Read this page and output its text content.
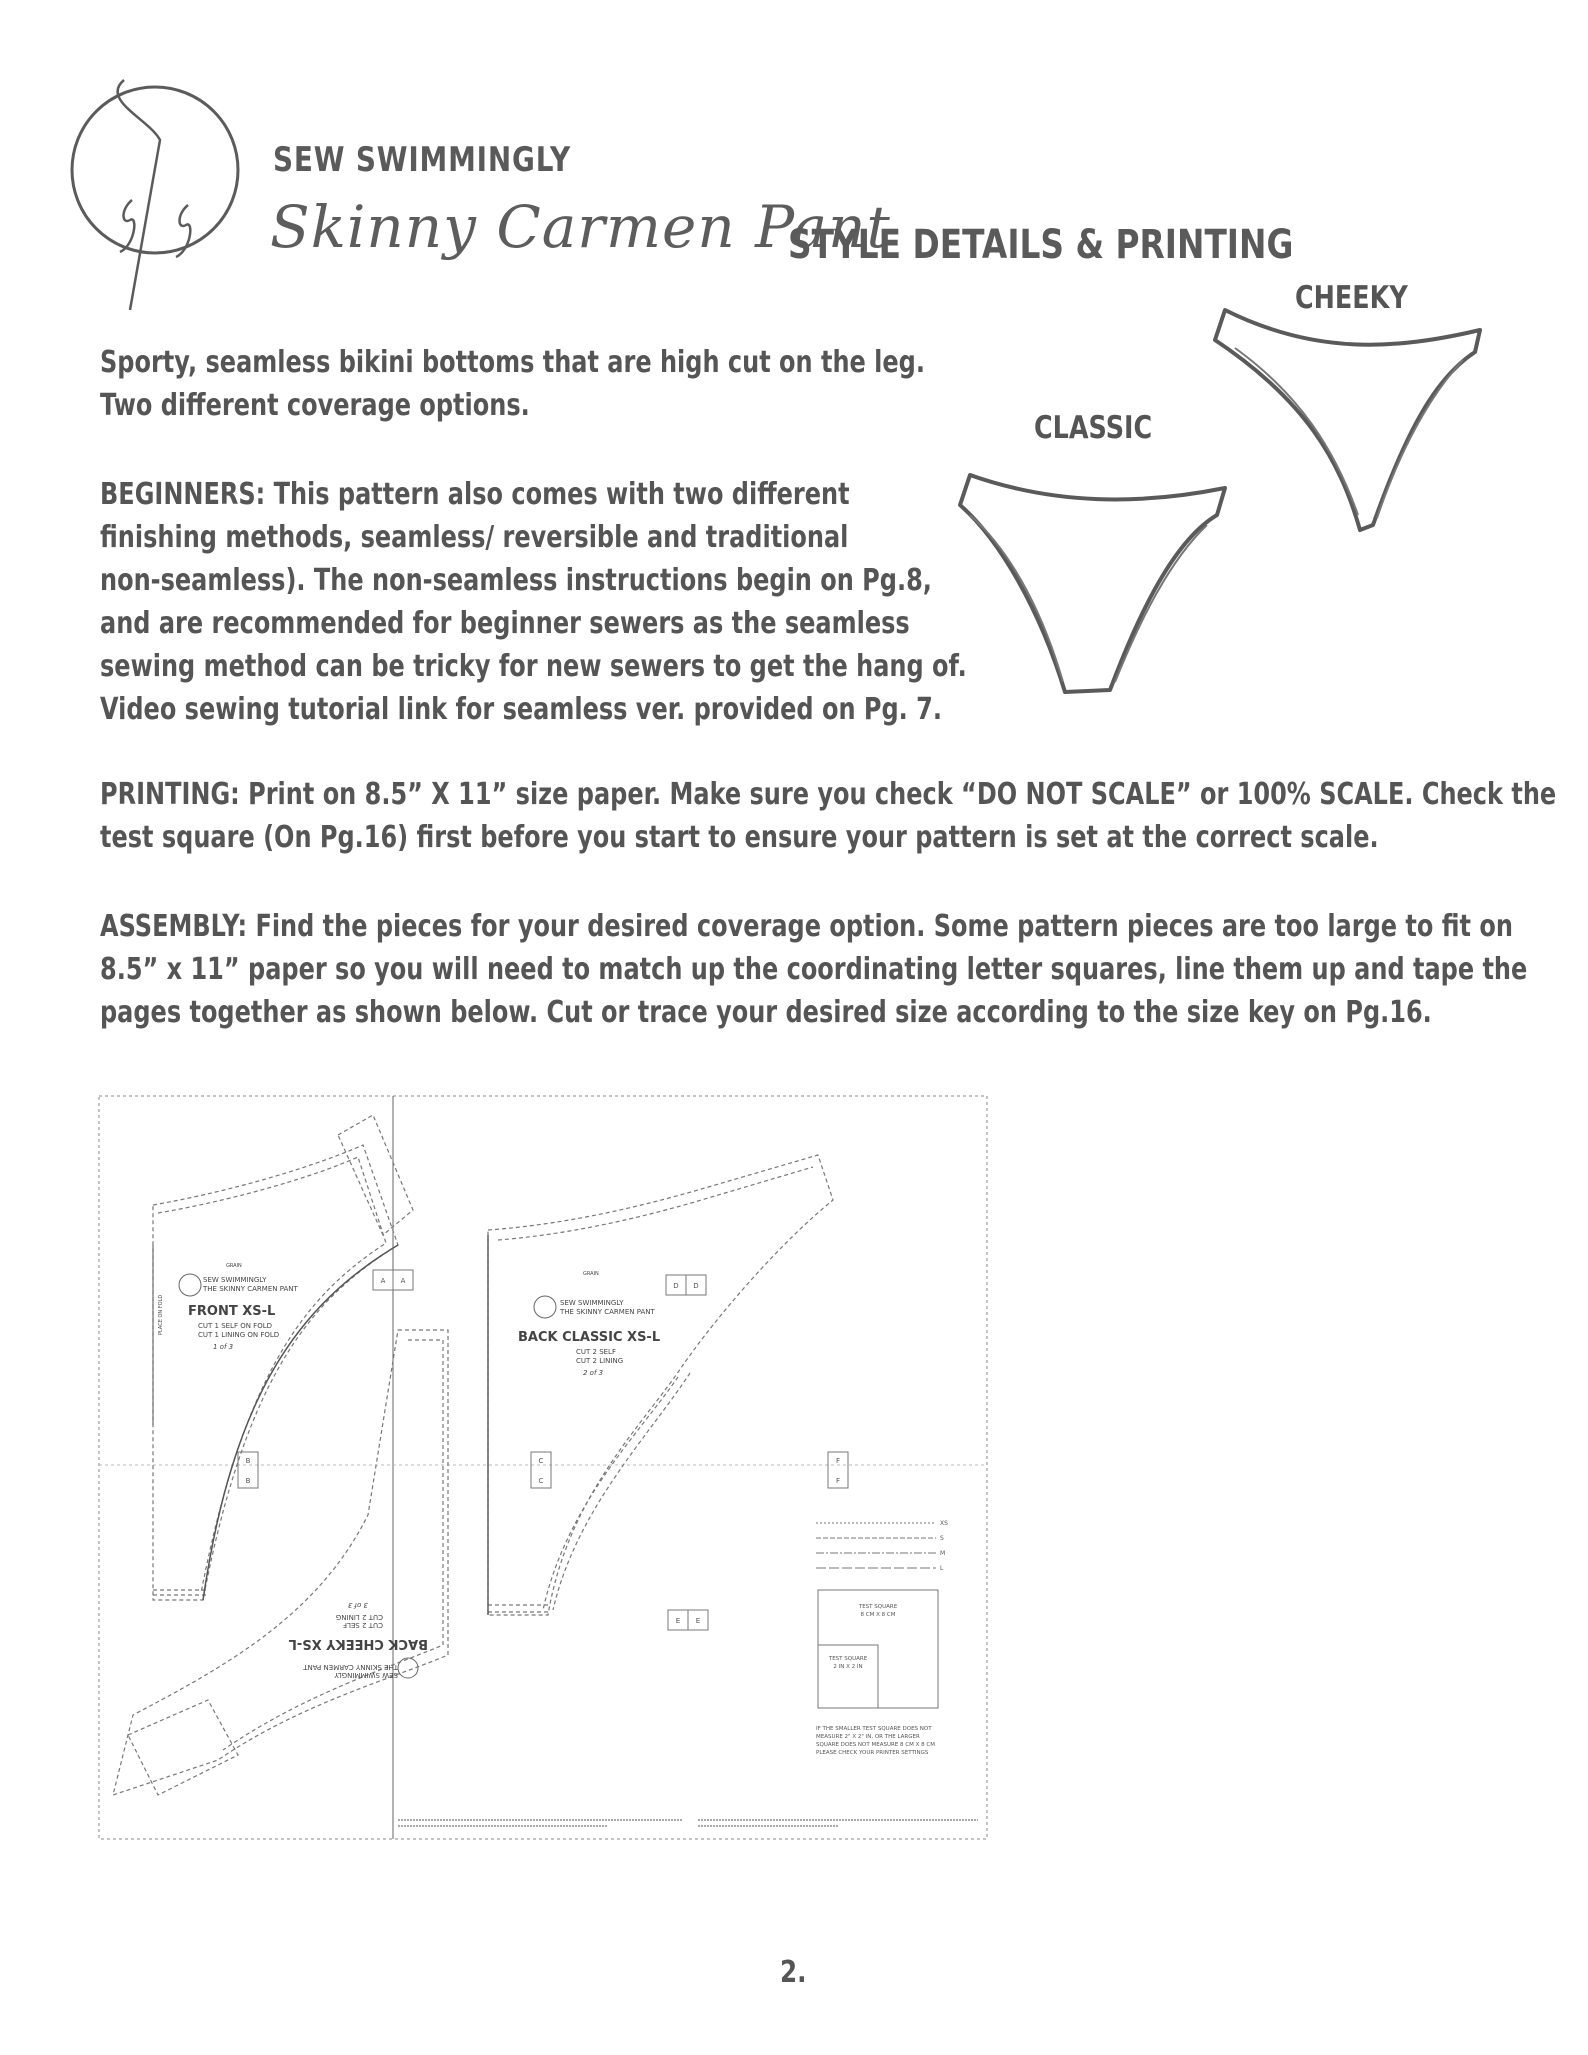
SEW SWIMMINGLY
Skinny Carmen Pant
STYLE DETAILS & PRINTING
Sporty, seamless bikini bottoms that are high cut on the leg.
Two different coverage options.
BEGINNERS: This pattern also comes with two different
finishing methods, seamless/ reversible and traditional
non-seamless). The non-seamless instructions begin on Pg.8,
and are recommended for beginner sewers as the seamless
sewing method can be tricky for new sewers to get the hang of.
Video sewing tutorial link for seamless ver. provided on Pg. 7.
PRINTING: Print on 8.5” X 11” size paper. Make sure you check “DO NOT SCALE” or 100% SCALE. Check the
test square (On Pg.16) first before you start to ensure your pattern is set at the correct scale.
ASSEMBLY: Find the pieces for your desired coverage option. Some pattern pieces are too large to fit on
8.5” x 11” paper so you will need to match up the coordinating letter squares, line them up and tape the
pages together as shown below. Cut or trace your desired size according to the size key on Pg.16.
CHEEKY
CLASSIC
SEW SWIMMINGLY
THE SKINNY CARMEN PANT
FRONT XS-L
CUT 1 SELF ON FOLD
CUT 1 LINING ON FOLD
1 of 3
GRAIN
PLACE ON FOLD
BACK CHEEKY XS-L
CUT 2 SELF
CUT 2 LINING
3 of 3
THE SKINNY CARMEN PANT
SEW SWIMMINGLY
SEW SWIMMINGLY
THE SKINNY CARMEN PANT
BACK CLASSIC XS-L
CUT 2 SELF
CUT 2 LINING
2 of 3
GRAIN
A A
B
B
C
C
D D
E E
F
F
XS
S
M
L
TEST SQUARE
8 CM X 8 CM
TEST SQUARE
2 IN X 2 IN
IF THE SMALLER TEST SQUARE DOES NOT
MEASURE 2" X 2" IN, OR THE LARGER
SQUARE DOES NOT MEASURE 8 CM X 8 CM
PLEASE CHECK YOUR PRINTER SETTINGS
2.
